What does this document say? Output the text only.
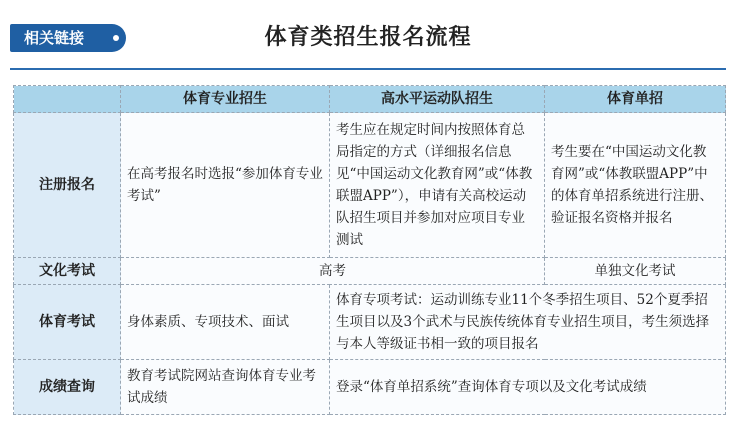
相关链接	体育类招生报名流程
	体育专业招生	高水平运动队招生	体育单招
注册报名	在高考报名时选报“参加体育专业考试”	考生应在规定时间内按照体育总局指定的方式（详细报名信息见“中国运动文化教育网”或“体教联盟APP”），申请有关高校运动队招生项目并参加对应项目专业测试	考生要在“中国运动文化教育网”或“体教联盟APP”中的体育单招系统进行注册、验证报名资格并报名
文化考试	高考		单独文化考试
体育考试	身体素质、专项技术、面试	体育专项考试：运动训练专业11个冬季招生项目、52个夏季招生项目以及3个武术与民族传统体育专业招生项目，考生须选择与本人等级证书相一致的项目报名	
成绩查询	教育考试院网站查询体育专业考试成绩	登录“体育单招系统”查询体育专项以及文化考试成绩	
